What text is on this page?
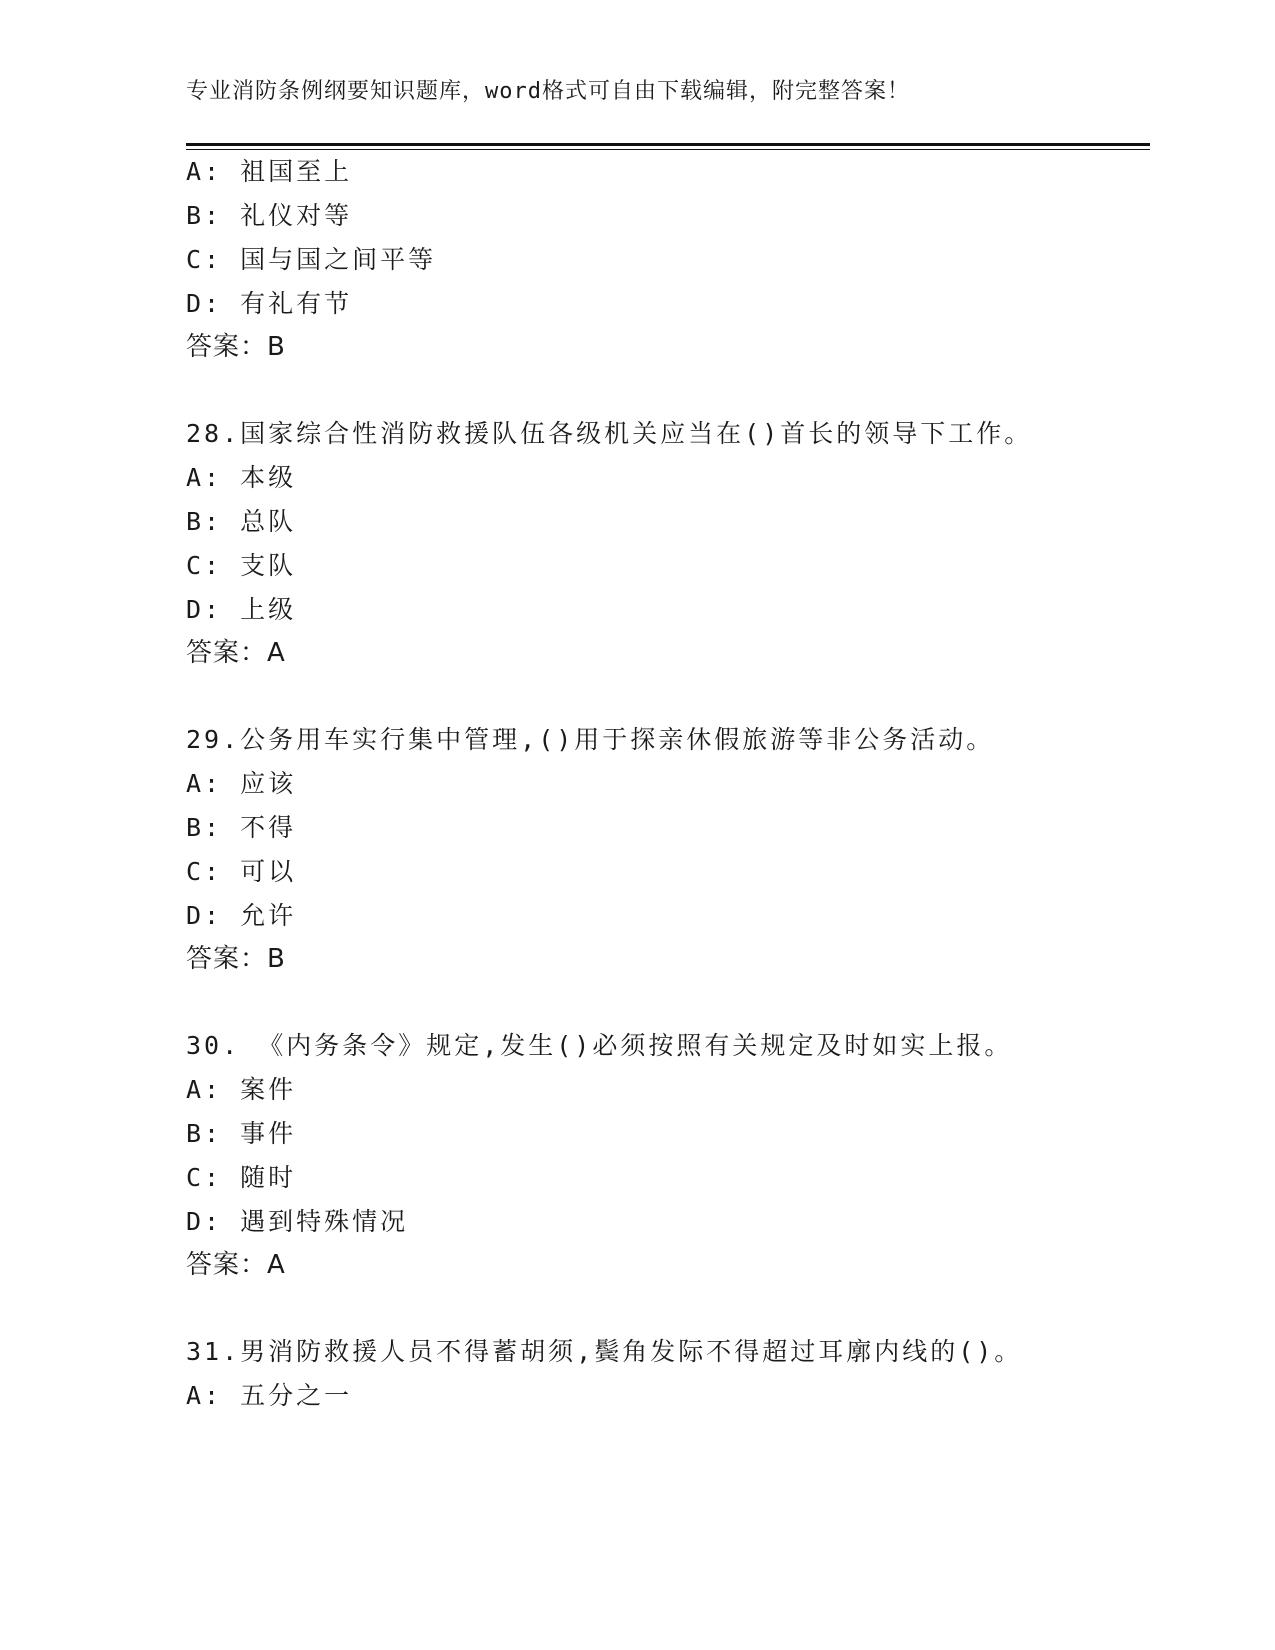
专业消防条例纲要知识题库，word格式可自由下载编辑，附完整答案！
A: 祖国至上
B: 礼仪对等
C: 国与国之间平等
D: 有礼有节
答案：B
28.国家综合性消防救援队伍各级机关应当在()首长的领导下工作。
A: 本级
B: 总队
C: 支队
D: 上级
答案：A
29.公务用车实行集中管理,()用于探亲休假旅游等非公务活动。
A: 应该
B: 不得
C: 可以
D: 允许
答案：B
30. 《内务条令》规定,发生()必须按照有关规定及时如实上报。
A: 案件
B: 事件
C: 随时
D: 遇到特殊情况
答案：A
31.男消防救援人员不得蓄胡须,鬓角发际不得超过耳廓内线的()。
A: 五分之一
